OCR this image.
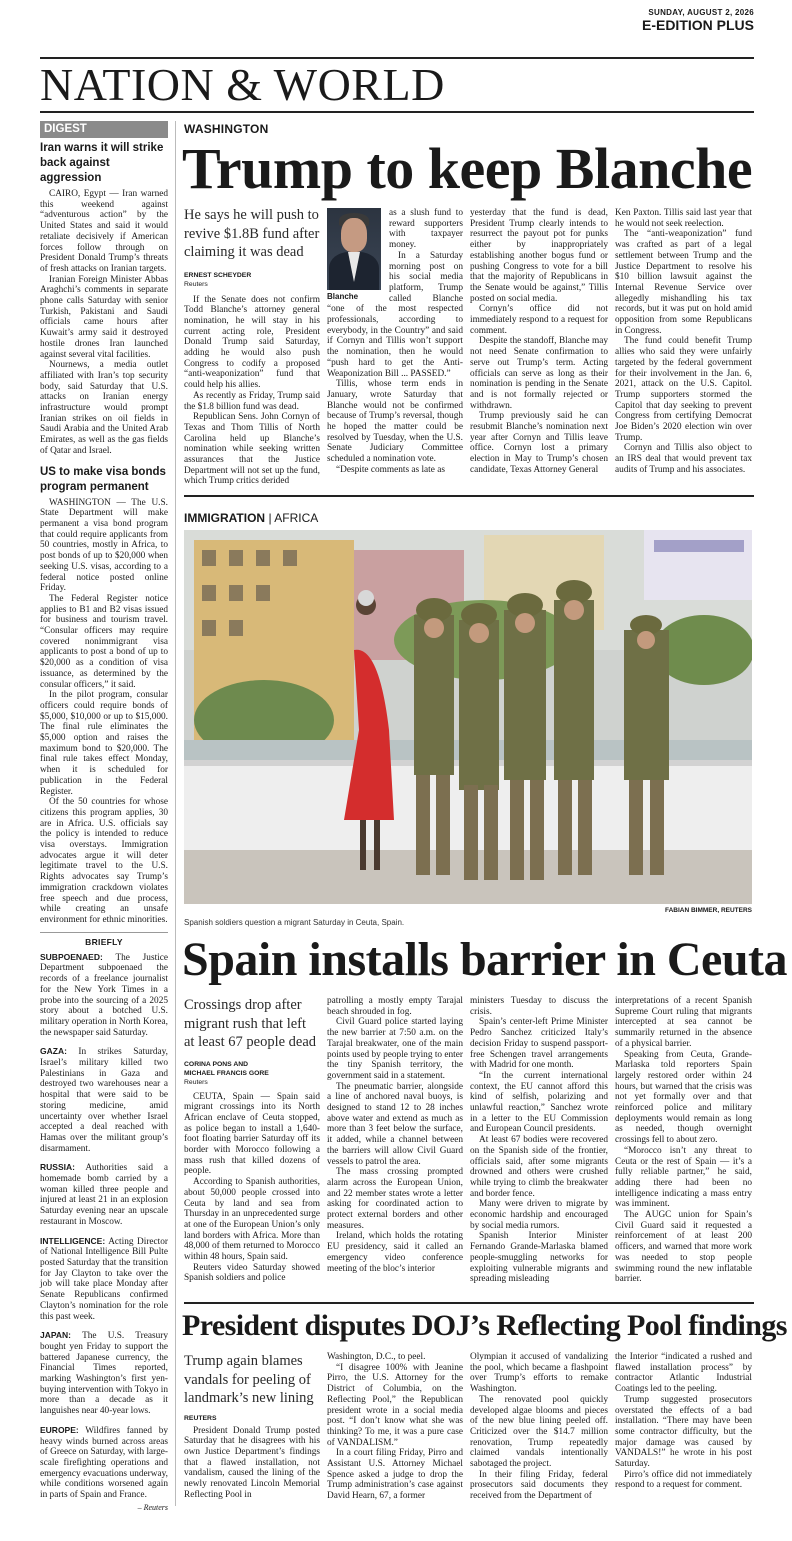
SUNDAY, AUGUST 2, 2026
E-EDITION PLUS
NATION & WORLD
DIGEST
Iran warns it will strike back against aggression

CAIRO, Egypt — Iran warned this weekend against “adventurous action” by the United States and said it would retaliate decisively if American forces follow through on President Donald Trump’s threats of fresh attacks on Iranian targets.

Iranian Foreign Minister Abbas Araghchi’s comments in separate phone calls Saturday with senior Turkish, Pakistani and Saudi officials came hours after Kuwait’s army said it destroyed hostile drones Iran launched against several vital facilities.

Nournews, a media outlet affiliated with Iran’s top security body, said Saturday that U.S. attacks on Iranian energy infrastructure would prompt Iranian strikes on oil fields in Saudi Arabia and the United Arab Emirates, as well as the gas fields of Qatar and Israel.

US to make visa bonds program permanent

WASHINGTON — The U.S. State Department will make permanent a visa bond program that could require applicants from 50 countries, mostly in Africa, to post bonds of up to $20,000 when seeking U.S. visas, according to a federal notice posted online Friday.

The Federal Register notice applies to B1 and B2 visas issued for business and tourism travel. “Consular officers may require covered nonimmigrant visa applicants to post a bond of up to $20,000 as a condition of visa issuance, as determined by the consular officers,” it said.

In the pilot program, consular officers could require bonds of $5,000, $10,000 or up to $15,000. The final rule eliminates the $5,000 option and raises the maximum bond to $20,000. The final rule takes effect Monday, when it is scheduled for publication in the Federal Register.

Of the 50 countries for whose citizens this program applies, 30 are in Africa. U.S. officials say the policy is intended to reduce visa overstays. Immigration advocates argue it will deter legitimate travel to the U.S. Rights advocates say Trump’s immigration crackdown violates free speech and due process, while creating an unsafe environment for ethnic minorities.

BRIEFLY
SUBPOENAED: The Justice Department subpoenaed the records of a freelance journalist for the New York Times in a probe into the sourcing of a 2025 story about a botched U.S. military operation in North Korea, the newspaper said Saturday.
GAZA: In strikes Saturday, Israel’s military killed two Palestinians in Gaza and destroyed two warehouses near a hospital that were said to be storing medicine, amid uncertainty over whether Israel accepted a deal reached with Hamas over the militant group’s disarmament.
RUSSIA: Authorities said a homemade bomb carried by a woman killed three people and injured at least 21 in an explosion Saturday evening near an upscale restaurant in Moscow.
INTELLIGENCE: Acting Director of National Intelligence Bill Pulte posted Saturday that the transition for Jay Clayton to take over the job will take place Monday after Senate Republicans confirmed Clayton’s nomination for the role this past week.
JAPAN: The U.S. Treasury bought yen Friday to support the battered Japanese currency, the Financial Times reported, marking Washington’s first yen-buying intervention with Tokyo in more than a decade as it languishes near 40-year lows.
EUROPE: Wildfires fanned by heavy winds burned across areas of Greece on Saturday, with large-scale firefighting operations and emergency evacuations underway, while conditions worsened again in parts of Spain and France.
– Reuters
WASHINGTON
Trump to keep Blanche
He says he will push to revive $1.8B fund after claiming it was dead
ERNEST SCHEYDER
Reuters

If the Senate does not confirm Todd Blanche’s attorney general nomination, he will stay in his current acting role, President Donald Trump said Saturday, adding he would also push Congress to codify a proposed “anti-weaponization” fund that could help his allies.

As recently as Friday, Trump said the $1.8 billion fund was dead.

Republican Sens. John Cornyn of Texas and Thom Tillis of North Carolina held up Blanche’s nomination while seeking written assurances that the Justice Department will not set up the fund, which Trump critics derided

Blanche

as a slush fund to reward supporters with taxpayer money.

In a Saturday morning post on his social media platform, Trump called Blanche “one of the most respected professionals, according to everybody, in the Country” and said if Cornyn and Tillis won’t support the nomination, then he would “push hard to get the Anti-Weaponization Bill ... PASSED.”

Tillis, whose term ends in January, wrote Saturday that Blanche would not be confirmed because of Trump’s reversal, though he hoped the matter could be resolved by Tuesday, when the U.S. Senate Judiciary Committee scheduled a nomination vote.

“Despite comments as late as

yesterday that the fund is dead, President Trump clearly intends to resurrect the payout pot for punks either by inappropriately establishing another bogus fund or pushing Congress to vote for a bill that the majority of Republicans in the Senate would be against,” Tillis posted on social media.

Cornyn’s office did not immediately respond to a request for comment.

Despite the standoff, Blanche may not need Senate confirmation to serve out Trump’s term. Acting officials can serve as long as their nomination is pending in the Senate and is not formally rejected or withdrawn.

Trump previously said he can resubmit Blanche’s nomination next year after Cornyn and Tillis leave office. Cornyn lost a primary election in May to Trump’s chosen candidate, Texas Attorney General

Ken Paxton. Tillis said last year that he would not seek reelection.

The “anti-weaponization” fund was crafted as part of a legal settlement between Trump and the Justice Department to resolve his $10 billion lawsuit against the Internal Revenue Service over allegedly mishandling his tax records, but it was put on hold amid opposition from some Republicans in Congress.

The fund could benefit Trump allies who said they were unfairly targeted by the federal government for their involvement in the Jan. 6, 2021, attack on the U.S. Capitol. Trump supporters stormed the Capitol that day seeking to prevent Congress from certifying Democrat Joe Biden’s 2020 election win over Trump.

Cornyn and Tillis also object to an IRS deal that would prevent tax audits of Trump and his associates.

IMMIGRATION | AFRICA
FABIAN BIMMER, REUTERS
Spanish soldiers question a migrant Saturday in Ceuta, Spain.
Spain installs barrier in Ceuta
Crossings drop after migrant rush that left at least 67 people dead
CORINA PONS AND
MICHAEL FRANCIS GORE
Reuters

CEUTA, Spain — Spain said migrant crossings into its North African enclave of Ceuta stopped, as police began to install a 1,640-foot floating barrier Saturday off its border with Morocco following a mass rush that killed dozens of people.

According to Spanish authorities, about 50,000 people crossed into Ceuta by land and sea from Thursday in an unprecedented surge at one of the European Union’s only land borders with Africa. More than 48,000 of them returned to Morocco within 48 hours, Spain said.

Reuters video Saturday showed Spanish soldiers and police

patrolling a mostly empty Tarajal beach shrouded in fog.

Civil Guard police started laying the new barrier at 7:50 a.m. on the Tarajal breakwater, one of the main points used by people trying to enter the tiny Spanish territory, the government said in a statement.

The pneumatic barrier, alongside a line of anchored naval buoys, is designed to stand 12 to 28 inches above water and extend as much as more than 3 feet below the surface, it added, while a channel between the barriers will allow Civil Guard vessels to patrol the area.

The mass crossing prompted alarm across the European Union, and 22 member states wrote a letter asking for coordinated action to protect external borders and other measures.

Ireland, which holds the rotating EU presidency, said it called an emergency video conference meeting of the bloc’s interior

ministers Tuesday to discuss the crisis.

Spain’s center-left Prime Minister Pedro Sanchez criticized Italy’s decision Friday to suspend passport-free Schengen travel arrangements with Madrid for one month.

“In the current international context, the EU cannot afford this kind of selfish, polarizing and unlawful reaction,” Sanchez wrote in a letter to the EU Commission and European Council presidents.

At least 67 bodies were recovered on the Spanish side of the frontier, officials said, after some migrants drowned and others were crushed while trying to climb the breakwater and border fence.

Many were driven to migrate by economic hardship and encouraged by social media rumors.

Spanish Interior Minister Fernando Grande-Marlaska blamed people-smuggling networks for exploiting vulnerable migrants and spreading misleading

interpretations of a recent Spanish Supreme Court ruling that migrants intercepted at sea cannot be summarily returned in the absence of a physical barrier.

Speaking from Ceuta, Grande-Marlaska told reporters Spain largely restored order within 24 hours, but warned that the crisis was not yet formally over and that reinforced police and military deployments would remain as long as needed, though overnight crossings fell to about zero.

“Morocco isn’t any threat to Ceuta or the rest of Spain — it’s a fully reliable partner,” he said, adding there had been no intelligence indicating a mass entry was imminent.

The AUGC union for Spain’s Civil Guard said it requested a reinforcement of at least 200 officers, and warned that more work was needed to stop people swimming round the new inflatable barrier.

President disputes DOJ’s Reflecting Pool findings
Trump again blames vandals for peeling of landmark’s new lining
REUTERS

President Donald Trump posted Saturday that he disagrees with his own Justice Department’s findings that a flawed installation, not vandalism, caused the lining of the newly renovated Lincoln Memorial Reflecting Pool in

Washington, D.C., to peel.

“I disagree 100% with Jeanine Pirro, the U.S. Attorney for the District of Columbia, on the Reflecting Pool,” the Republican president wrote in a social media post. “I don’t know what she was thinking? To me, it was a pure case of VANDALISM.”

In a court filing Friday, Pirro and Assistant U.S. Attorney Michael Spence asked a judge to drop the Trump administration’s case against David Hearn, 67, a former

Olympian it accused of vandalizing the pool, which became a flashpoint over Trump’s efforts to remake Washington.

The renovated pool quickly developed algae blooms and pieces of the new blue lining peeled off. Criticized over the $14.7 million renovation, Trump repeatedly claimed vandals intentionally sabotaged the project.

In their filing Friday, federal prosecutors said documents they received from the Department of

the Interior “indicated a rushed and flawed installation process” by contractor Atlantic Industrial Coatings led to the peeling.

Trump suggested prosecutors overstated the effects of a bad installation. “There may have been some contractor difficulty, but the major damage was caused by VANDALS!” he wrote in his post Saturday.

Pirro’s office did not immediately respond to a request for comment.
